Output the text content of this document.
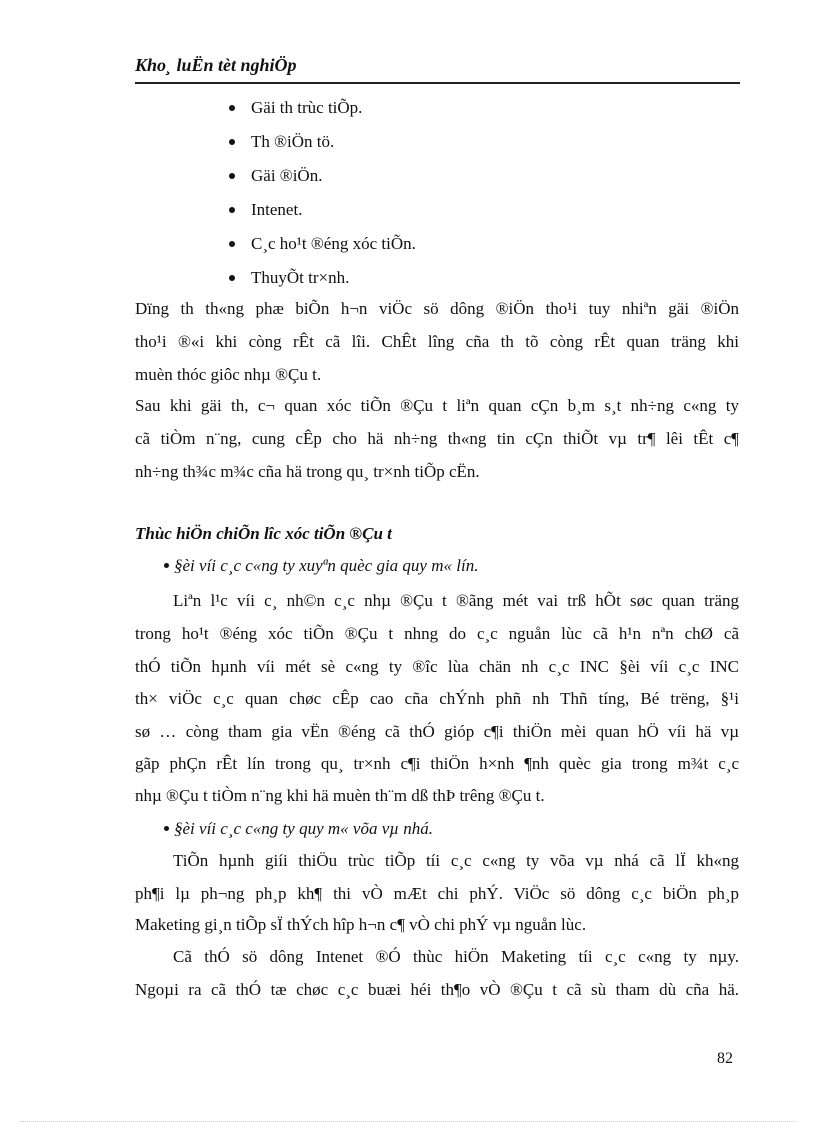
Kho¸ luËn tèt nghiÖp
Gäi th trùc tiÕp.
Th ®iÖn tö.
Gäi ®iÖn.
Intenet.
C¸c ho¹t ®éng xóc tiÕn.
ThuyÕt tr×nh.
Dïng th th«ng phæ biÕn h¬n viÖc sö dông ®iÖn tho¹i tuy nhiªn gäi ®iÖn
tho¹i ®«i khi còng rÊt cã lîi. ChÊt lîng cña th tõ còng rÊt quan träng khi
muèn thóc giôc nhµ ®Çu t.
Sau khi gäi th, c¬ quan xóc tiÕn ®Çu t liªn quan cÇn b¸m s¸t nh÷ng c«ng ty
cã tiÒm n¨ng, cung cÊp cho hä nh÷ng th«ng tin cÇn thiÕt vµ tr¶ lêi tÊt c¶
nh÷ng th¾c m¾c cña hä trong qu¸ tr×nh tiÕp cËn.
Thùc hiÖn chiÕn lîc xóc tiÕn ®Çu t
§èi víi c¸c c«ng ty xuyªn quèc gia quy m« lín.
Liªn l¹c víi c¸ nh©n c¸c nhµ ®Çu t ®ãng mét vai trß hÕt søc quan träng
trong ho¹t ®éng xóc tiÕn ®Çu t nhng do c¸c nguån lùc cã h¹n nªn chØ cã
thÓ tiÕn hµnh víi mét sè c«ng ty ®îc lùa chän nh c¸c INC §èi víi c¸c INC
th× viÖc c¸c quan chøc cÊp cao cña chÝnh phñ nh Thñ tíng, Bé trëng, §¹i
sø … còng tham gia vËn ®éng cã thÓ gióp c¶i thiÖn mèi quan hÖ víi hä vµ
gãp phÇn rÊt lín trong qu¸ tr×nh c¶i thiÖn h×nh ¶nh quèc gia trong m¾t c¸c
nhµ ®Çu t tiÒm n¨ng khi hä muèn th¨m dß thÞ trêng ®Çu t.
§èi víi c¸c c«ng ty quy m« võa vµ nhá.
TiÕn hµnh giíi thiÖu trùc tiÕp tíi c¸c c«ng ty võa vµ nhá cã lÏ kh«ng
ph¶i lµ ph¬ng ph¸p kh¶ thi vÒ mÆt chi phÝ. ViÖc sö dông c¸c biÖn ph¸p
Maketing gi¸n tiÕp sÏ thÝch hîp h¬n c¶ vÒ chi phÝ vµ nguån lùc.
Cã thÓ sö dông Intenet ®Ó thùc hiÖn Maketing tíi c¸c c«ng ty nµy.
Ngoµi ra cã thÓ tæ chøc c¸c buæi héi th¶o vÒ ®Çu t cã sù tham dù cña hä.
82
